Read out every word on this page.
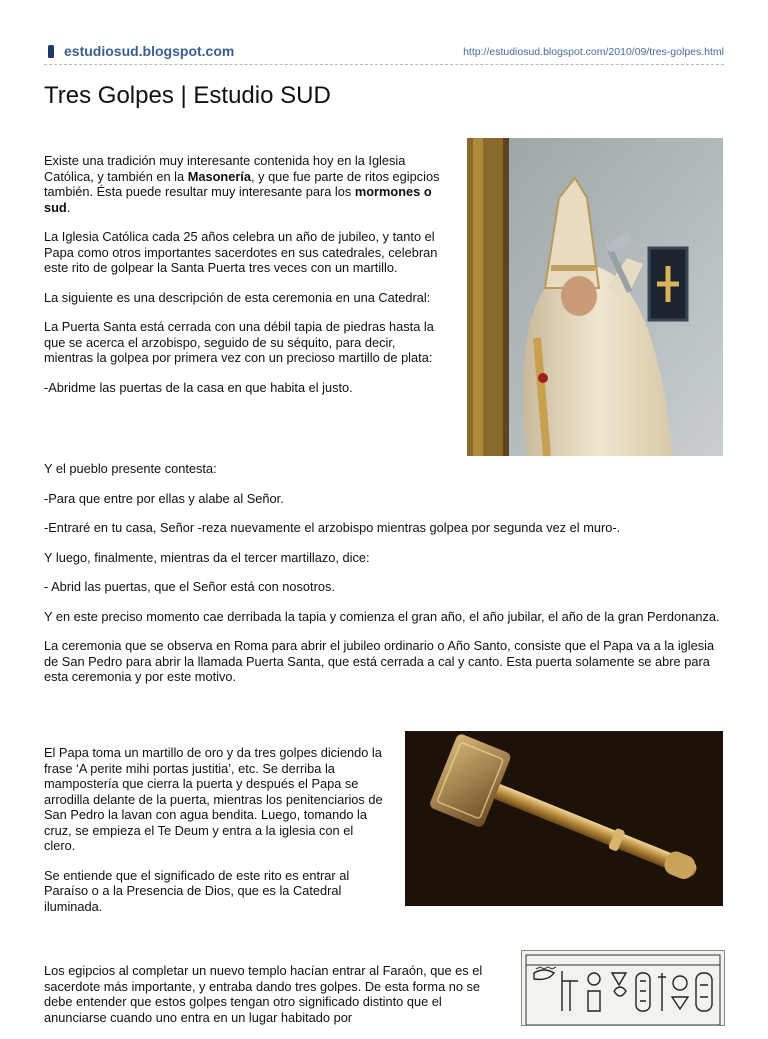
estudiosud.blogspot.com	http://estudiosud.blogspot.com/2010/09/tres-golpes.html
Tres Golpes | Estudio SUD

Existe una tradición muy interesante contenida hoy en la Iglesia Católica, y también en la Masonería, y que fue parte de ritos egipcios también. Ésta puede resultar muy interesante para los mormones o sud.

La Iglesia Católica cada 25 años celebra un año de jubileo, y tanto el Papa como otros importantes sacerdotes en sus catedrales, celebran este rito de golpear la Santa Puerta tres veces con un martillo.

La siguiente es una descripción de esta ceremonia en una Catedral:

La Puerta Santa está cerrada con una débil tapia de piedras hasta la que se acerca el arzobispo, seguido de su séquito, para decir, mientras la golpea por primera vez con un precioso martillo de plata:

-Abridme las puertas de la casa en que habita el justo.

Y el pueblo presente contesta:

-Para que entre por ellas y alabe al Señor.

-Entraré en tu casa, Señor -reza nuevamente el arzobispo mientras golpea por segunda vez el muro-.

Y luego, finalmente, mientras da el tercer martillazo, dice:

- Abrid las puertas, que el Señor está con nosotros.

Y en este preciso momento cae derribada la tapia y comienza el gran año, el año jubilar, el año de la gran Perdonanza.

La ceremonia que se observa en Roma para abrir el jubileo ordinario o Año Santo, consiste que el Papa va a la iglesia de San Pedro para abrir la llamada Puerta Santa, que está cerrada a cal y canto. Esta puerta solamente se abre para esta ceremonia y por este motivo.

El Papa toma un martillo de oro y da tres golpes diciendo la frase ‘A perite mihi portas justitia’, etc. Se derriba la mampostería que cierra la puerta y después el Papa se arrodilla delante de la puerta, mientras los penitenciarios de San Pedro la lavan con agua bendita. Luego, tomando la cruz, se empieza el Te Deum y entra a la iglesia con el clero.

Se entiende que el significado de este rito es entrar al Paraíso o a la Presencia de Dios, que es la Catedral iluminada.

Los egipcios al completar un nuevo templo hacían entrar al Faraón, que es el sacerdote más importante, y entraba dando tres golpes. De esta forma no se debe entender que estos golpes tengan otro significado distinto que el anunciarse cuando uno entra en un lugar habitado por
